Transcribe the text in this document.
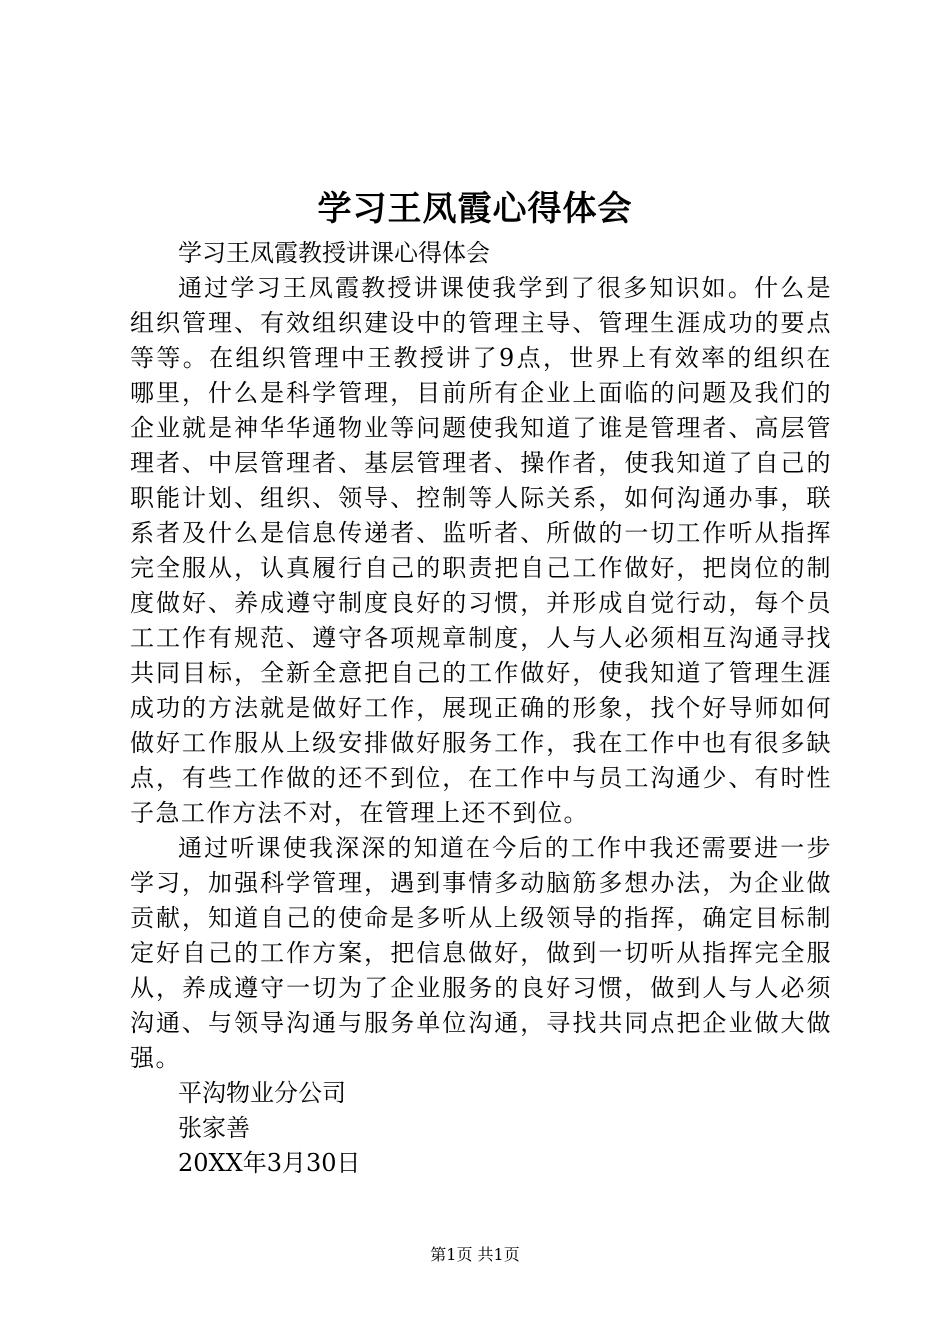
学习王凤霞心得体会
学习王凤霞教授讲课心得体会

通过学习王凤霞教授讲课使我学到了很多知识如。什么是组织管理、有效组织建设中的管理主导、管理生涯成功的要点等等。在组织管理中王教授讲了9点，世界上有效率的组织在哪里，什么是科学管理，目前所有企业上面临的问题及我们的企业就是神华华通物业等问题使我知道了谁是管理者、高层管理者、中层管理者、基层管理者、操作者，使我知道了自己的职能计划、组织、领导、控制等人际关系，如何沟通办事，联系者及什么是信息传递者、监听者、所做的一切工作听从指挥完全服从，认真履行自己的职责把自己工作做好，把岗位的制度做好、养成遵守制度良好的习惯，并形成自觉行动，每个员工工作有规范、遵守各项规章制度，人与人必须相互沟通寻找共同目标，全新全意把自己的工作做好，使我知道了管理生涯成功的方法就是做好工作，展现正确的形象，找个好导师如何做好工作服从上级安排做好服务工作，我在工作中也有很多缺点，有些工作做的还不到位，在工作中与员工沟通少、有时性子急工作方法不对，在管理上还不到位。

通过听课使我深深的知道在今后的工作中我还需要进一步学习，加强科学管理，遇到事情多动脑筋多想办法，为企业做贡献，知道自己的使命是多听从上级领导的指挥，确定目标制定好自己的工作方案，把信息做好，做到一切听从指挥完全服从，养成遵守一切为了企业服务的良好习惯，做到人与人必须沟通、与领导沟通与服务单位沟通，寻找共同点把企业做大做强。

平沟物业分公司
张家善
20XX年3月30日
第1页 共1页
